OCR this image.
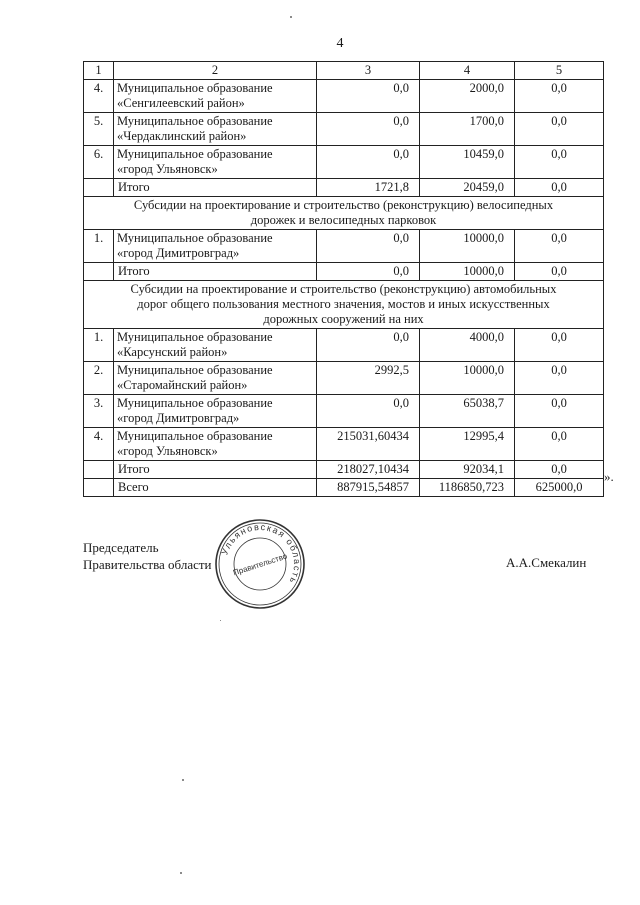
4
1	2	3	4	5
4.	Муниципальное образование
«Сенгилеевский район»	0,0	2000,0	0,0
5.	Муниципальное образование
«Чердаклинский район»	0,0	1700,0	0,0
6.	Муниципальное образование
«город Ульяновск»	0,0	10459,0	0,0

	Итого	1721,8	20459,0	0,0

Субсидии на проектирование и строительство (реконструкцию) велосипедных
дорожек и велосипедных парковок				

1.	Муниципальное образование
«город Димитровград»	0,0	10000,0	0,0

	Итого	0,0	10000,0	0,0

Субсидии на проектирование и строительство (реконструкцию) автомобильных
дорог общего пользования местного значения, мостов и иных искусственных
дорожных сооружений на них				

1.	Муниципальное образование
«Карсунский район»	0,0	4000,0	0,0
2.	Муниципальное образование
«Старомайнский район»	2992,5	10000,0	0,0
3.	Муниципальное образование
«город Димитровград»	0,0	65038,7	0,0
4.	Муниципальное образование
«город Ульяновск»	215031,60434	12995,4	0,0

	Итого	218027,10434	92034,1	0,0

	Всего	887915,54857	1186850,723	625000,0
».
Председатель
Правительства области	А.А.Смекалин
Ульяновская область
Правительство
